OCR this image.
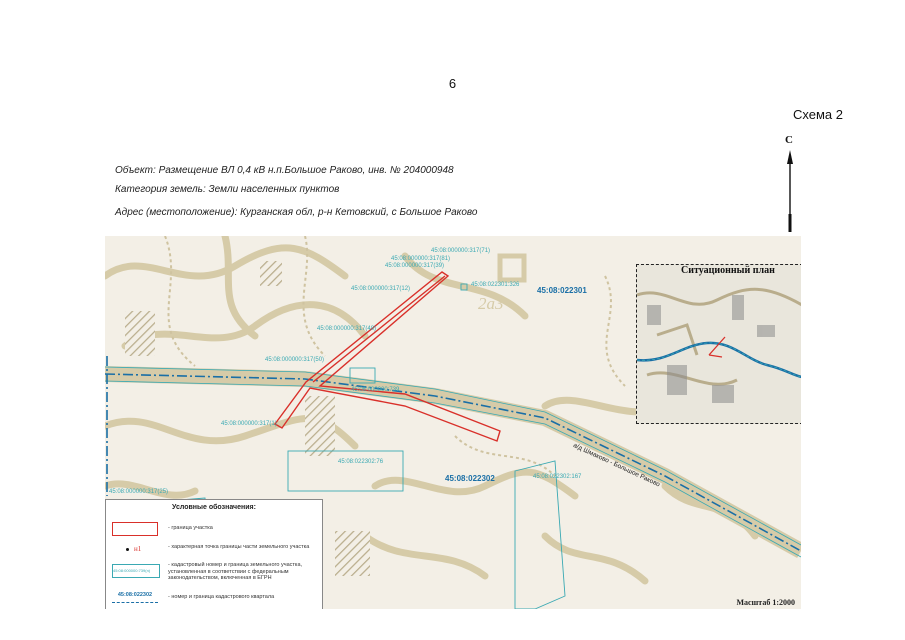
6
Схема 2
Объект: Размещение ВЛ 0,4 кВ н.п.Большое Раково, инв. № 204000948
Категория земель: Земли населенных пунктов
Адрес (местоположение): Курганская обл, р-н Кетовский, с Большое Раково
С
45:08:000000:317(71)
45:08:000000:317(81)
45:08:000000:317(39)
45:08:022301:326
45:08:000000:317(12)
45:08:000000:317(48)
45:08:000000:317(50)
45:08:000000:739
45:08:000000:317(1)
45:08:022302:76
45:08:022302:167
45:08:000000:317(25)
45:08:022301
45:08:022302
2а3
а/д Шмаково - Большое Раково
Ситуационный план
Условные обозначения:
- граница участка
н1	- характерная точка границы части земельного участка
45:08:000000:739(n)
- кадастровый номер и граница земельного участка, установленная в соответствии с федеральным законодательством, включенная в ЕГРН
45:08:022302	- номер и граница кадастрового квартала
Масштаб 1:2000
